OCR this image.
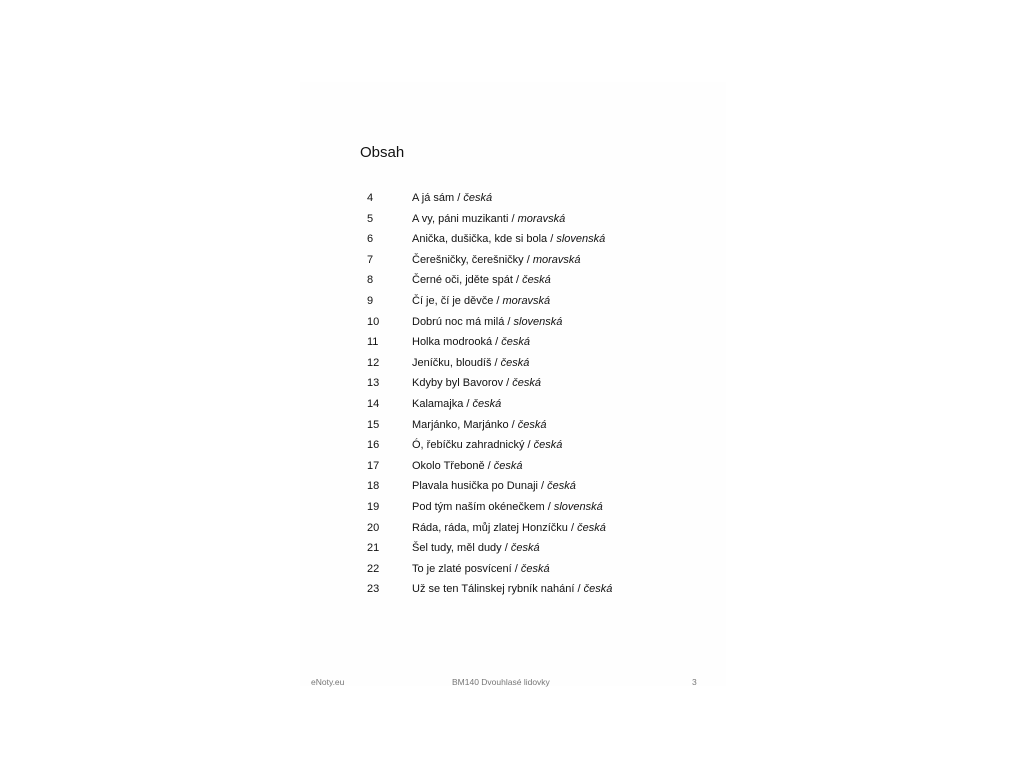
Obsah
4	A já sám / česká
5	A vy, páni muzikanti / moravská
6	Anička, dušička, kde si bola / slovenská
7	Čerešničky, čerešničky / moravská
8	Černé oči, jděte spát / česká
9	Čí je, čí je děvče / moravská
10	Dobrú noc má milá / slovenská
11	Holka modrooká / česká
12	Jeníčku, bloudíš / česká
13	Kdyby byl Bavorov / česká
14	Kalamajka / česká
15	Marjánko, Marjánko / česká
16	Ó, řebíčku zahradnický / česká
17	Okolo Třeboně / česká
18	Plavala husička po Dunaji / česká
19	Pod tým naším okénečkem / slovenská
20	Ráda, ráda, můj zlatej Honzíčku / česká
21	Šel tudy, měl dudy / česká
22	To je zlaté posvícení / česká
23	Už se ten Tálinskej rybník nahání / česká
eNoty.eu	BM140 Dvouhlasé lidovky	3
